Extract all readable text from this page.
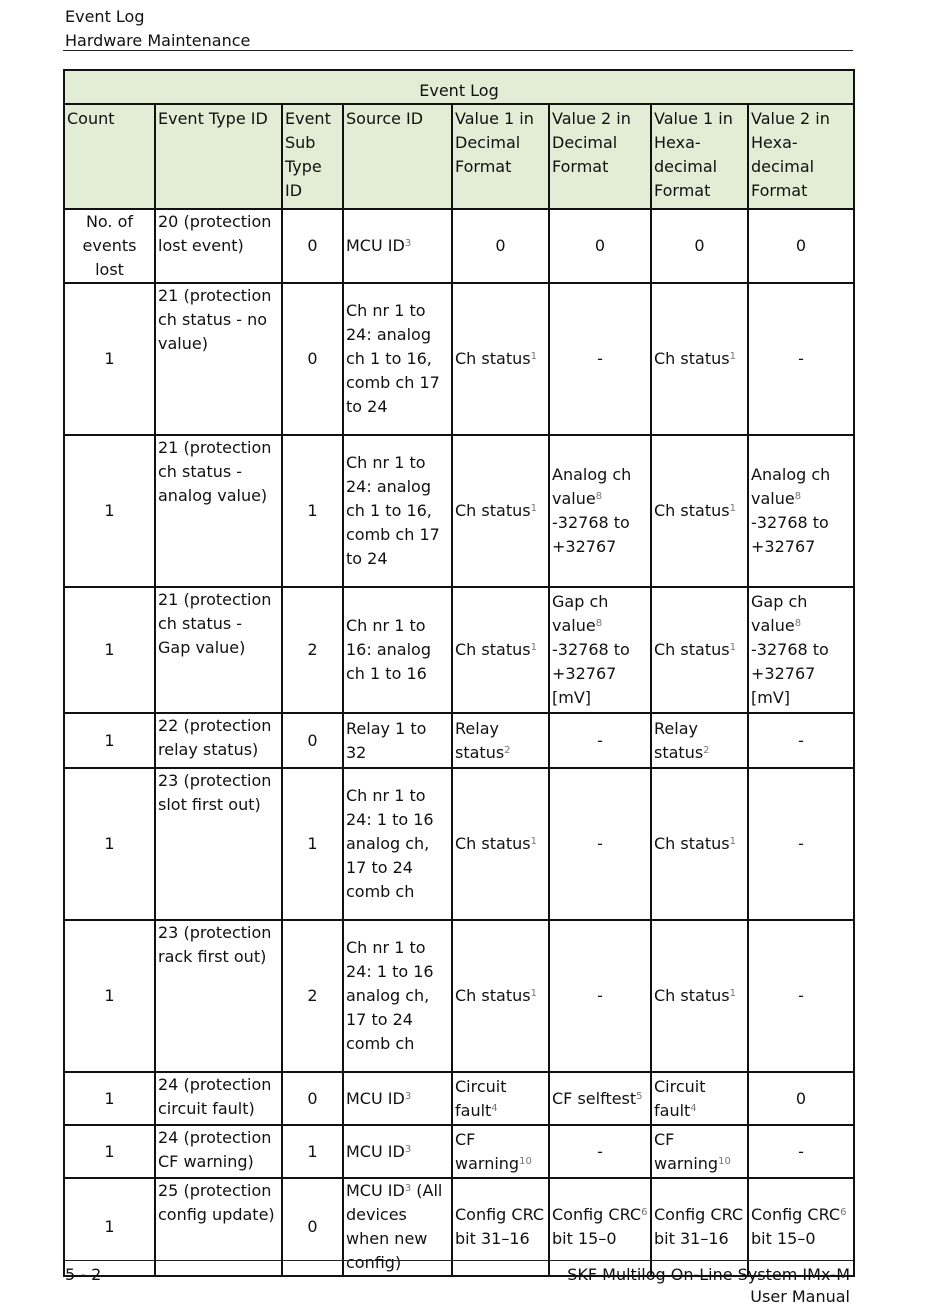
Event Log
Hardware Maintenance
Event Log							
Count	Event Type ID	Event Sub Type ID	Source ID	Value 1 in Decimal Format	Value 2 in Decimal Format	Value 1 in Hexa-decimal Format	Value 2 in Hexa-decimal Format
No. of events lost	20 (protection lost event)	0	MCU $ID^3$	0	0	0	0
1	21 (protection ch status - no value)	0	Ch nr 1 to 24: analog ch 1 to 16, comb ch 17 to 24	Ch status$^1$	-	Ch status$^1$	-
1	21 (protection ch status - analog value)	1	Ch nr 1 to 24: analog ch 1 to 16, comb ch 17 to 24	Ch status$^1$	Analog ch value$^8$ -32768 to +32767	Ch status$^1$	Analog ch value$^8$ -32768 to +32767
1	21 (protection ch status - Gap value)	2	Ch nr 1 to 16: analog ch 1 to 16	Ch status$^1$	Gap ch value$^8$ -32768 to +32767 [mV]	Ch status$^1$	Gap ch value$^8$ -32768 to +32767 [mV]
1	22 (protection relay status)	0	Relay 1 to 32	Relay status$^2$	-	Relay status$^2$	-
1	23 (protection slot first out)	1	Ch nr 1 to 24: 1 to 16 analog ch, 17 to 24 comb ch	Ch status$^1$	-	Ch status$^1$	-
1	23 (protection rack first out)	2	Ch nr 1 to 24: 1 to 16 analog ch, 17 to 24 comb ch	Ch status$^1$	-	Ch status$^1$	-
1	24 (protection circuit fault)	0	MCU $ID^3$	Circuit fault$^4$	CF selftest$^5$	Circuit fault$^4$	0
1	24 (protection CF warning)	1	MCU $ID^3$	CF warning$^{10}$	-	CF warning$^{10}$	-
1	25 (protection config update)	0	MCU $ID^3$ (All devices when new config)	Config CRC bit 31–16	Config CRC$^6$ bit 15–0	Config CRC bit 31–16	Config CRC$^6$ bit 15–0
5 - 2	SKF Multilog On-Line System IMx-M
User Manual
